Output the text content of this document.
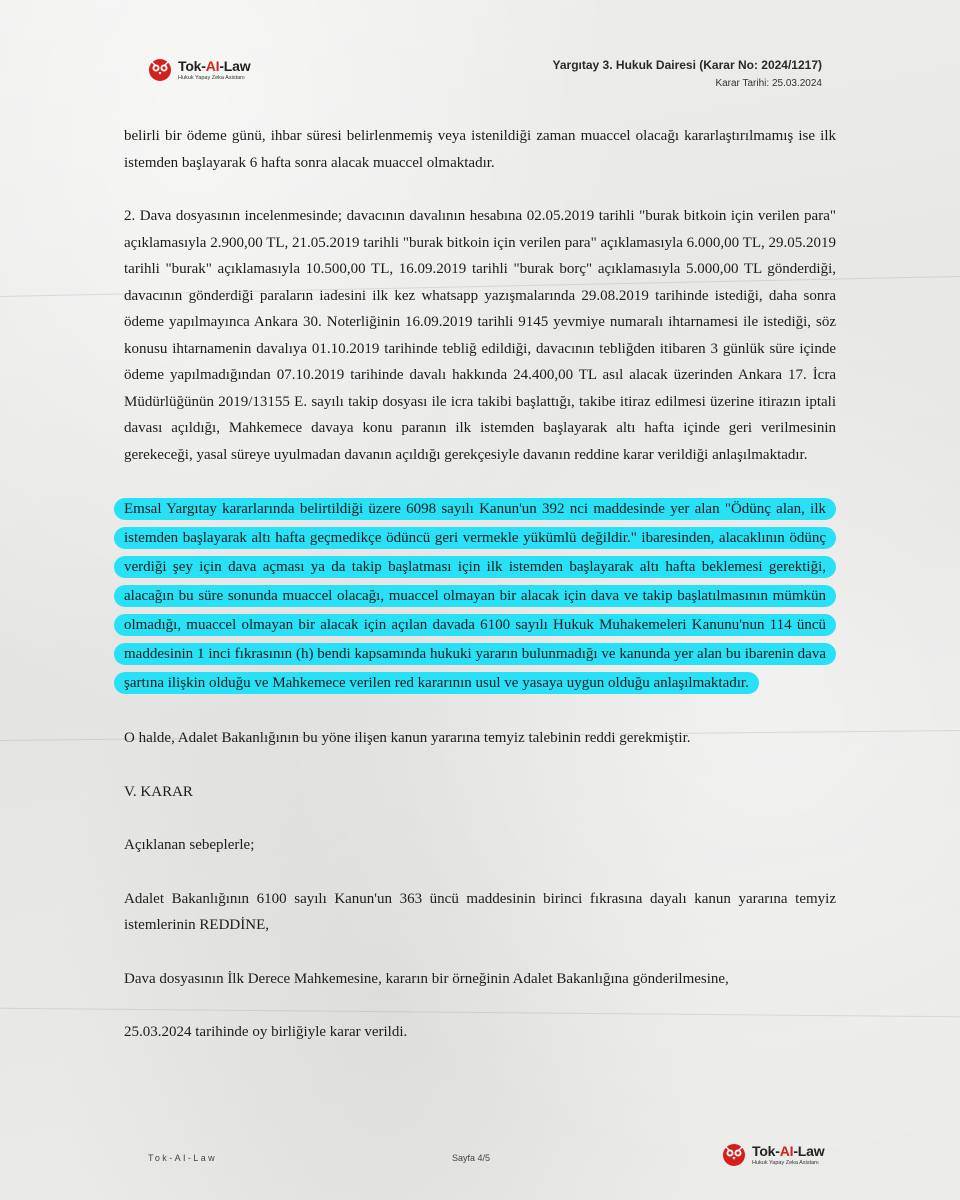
Tok-AI-Law
Hukuk Yapay Zeka Asistanı
Yargıtay 3. Hukuk Dairesi (Karar No: 2024/1217)
Karar Tarihi: 25.03.2024

belirli bir ödeme günü, ihbar süresi belirlenmemiş veya istenildiği zaman muaccel olacağı kararlaştırılmamış ise ilk istemden başlayarak 6 hafta sonra alacak muaccel olmaktadır.

2. Dava dosyasının incelenmesinde; davacının davalının hesabına 02.05.2019 tarihli "burak bitkoin için verilen para" açıklamasıyla 2.900,00 TL, 21.05.2019 tarihli "burak bitkoin için verilen para" açıklamasıyla 6.000,00 TL, 29.05.2019 tarihli "burak" açıklamasıyla 10.500,00 TL, 16.09.2019 tarihli "burak borç" açıklamasıyla 5.000,00 TL gönderdiği, davacının gönderdiği paraların iadesini ilk kez whatsapp yazışmalarında 29.08.2019 tarihinde istediği, daha sonra ödeme yapılmayınca Ankara 30. Noterliğinin 16.09.2019 tarihli 9145 yevmiye numaralı ihtarnamesi ile istediği, söz konusu ihtarnamenin davalıya 01.10.2019 tarihinde tebliğ edildiği, davacının tebliğden itibaren 3 günlük süre içinde ödeme yapılmadığından 07.10.2019 tarihinde davalı hakkında 24.400,00 TL asıl alacak üzerinden Ankara 17. İcra Müdürlüğünün 2019/13155 E. sayılı takip dosyası ile icra takibi başlattığı, takibe itiraz edilmesi üzerine itirazın iptali davası açıldığı, Mahkemece davaya konu paranın ilk istemden başlayarak altı hafta içinde geri verilmesinin gerekeceği, yasal süreye uyulmadan davanın açıldığı gerekçesiyle davanın reddine karar verildiği anlaşılmaktadır.

Emsal Yargıtay kararlarında belirtildiği üzere 6098 sayılı Kanun'un 392 nci maddesinde yer alan "Ödünç alan, ilk istemden başlayarak altı hafta geçmedikçe ödüncü geri vermekle yükümlü değildir." ibaresinden, alacaklının ödünç verdiği şey için dava açması ya da takip başlatması için ilk istemden başlayarak altı hafta beklemesi gerektiği, alacağın bu süre sonunda muaccel olacağı, muaccel olmayan bir alacak için dava ve takip başlatılmasının mümkün olmadığı, muaccel olmayan bir alacak için açılan davada 6100 sayılı Hukuk Muhakemeleri Kanunu'nun 114 üncü maddesinin 1 inci fıkrasının (h) bendi kapsamında hukuki yararın bulunmadığı ve kanunda yer alan bu ibarenin dava şartına ilişkin olduğu ve Mahkemece verilen red kararının usul ve yasaya uygun olduğu anlaşılmaktadır.

O halde, Adalet Bakanlığının bu yöne ilişen kanun yararına temyiz talebinin reddi gerekmiştir.

V. KARAR

Açıklanan sebeplerle;

Adalet Bakanlığının 6100 sayılı Kanun'un 363 üncü maddesinin birinci fıkrasına dayalı kanun yararına temyiz istemlerinin REDDİNE,

Dava dosyasının İlk Derece Mahkemesine, kararın bir örneğinin Adalet Bakanlığına gönderilmesine,

25.03.2024 tarihinde oy birliğiyle karar verildi.

Tok-AI-Law	Sayfa 4/5	Tok-AI-Law
Hukuk Yapay Zeka Asistanı
